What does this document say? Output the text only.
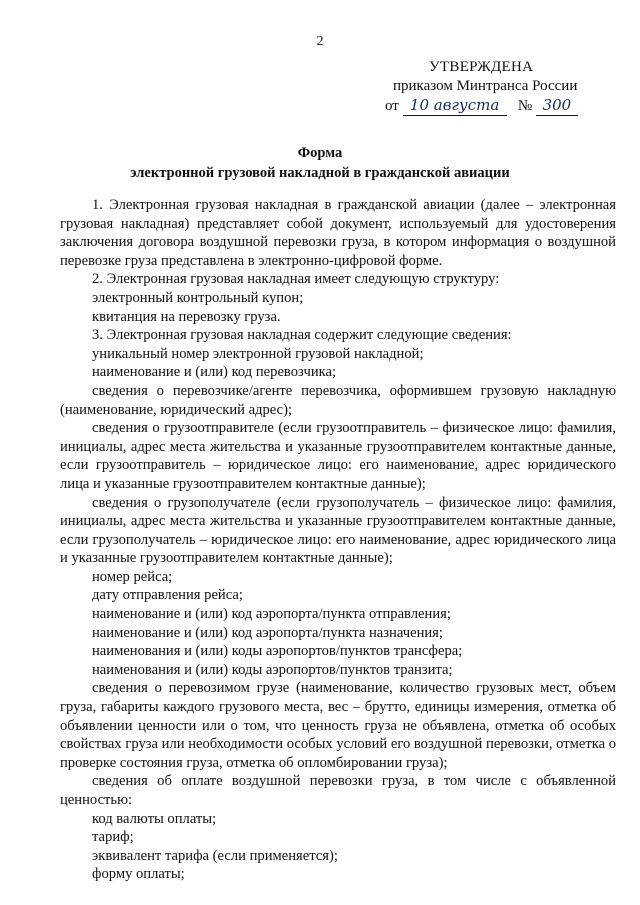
2
УТВЕРЖДЕНА
приказом Минтранса России
от 10 августа № 300
Форма
электронной грузовой накладной в гражданской авиации

1. Электронная грузовая накладная в гражданской авиации (далее – электронная грузовая накладная) представляет собой документ, используемый для удостоверения заключения договора воздушной перевозки груза, в котором информация о воздушной перевозке груза представлена в электронно-цифровой форме.

2. Электронная грузовая накладная имеет следующую структуру:

электронный контрольный купон;

квитанция на перевозку груза.

3. Электронная грузовая накладная содержит следующие сведения:

уникальный номер электронной грузовой накладной;

наименование и (или) код перевозчика;

сведения о перевозчике/агенте перевозчика, оформившем грузовую накладную (наименование, юридический адрес);

сведения о грузоотправителе (если грузоотправитель – физическое лицо: фамилия, инициалы, адрес места жительства и указанные грузоотправителем контактные данные, если грузоотправитель – юридическое лицо: его наименование, адрес юридического лица и указанные грузоотправителем контактные данные);

сведения о грузополучателе (если грузополучатель – физическое лицо: фамилия, инициалы, адрес места жительства и указанные грузоотправителем контактные данные, если грузополучатель – юридическое лицо: его наименование, адрес юридического лица и указанные грузоотправителем контактные данные);

номер рейса;

дату отправления рейса;

наименование и (или) код аэропорта/пункта отправления;

наименование и (или) код аэропорта/пункта назначения;

наименования и (или) коды аэропортов/пунктов трансфера;

наименования и (или) коды аэропортов/пунктов транзита;

сведения о перевозимом грузе (наименование, количество грузовых мест, объем груза, габариты каждого грузового места, вес – брутто, единицы измерения, отметка об объявлении ценности или о том, что ценность груза не объявлена, отметка об особых свойствах груза или необходимости особых условий его воздушной перевозки, отметка о проверке состояния груза, отметка об опломбировании груза);

сведения об оплате воздушной перевозки груза, в том числе с объявленной ценностью:

код валюты оплаты;

тариф;

эквивалент тарифа (если применяется);

форму оплаты;
